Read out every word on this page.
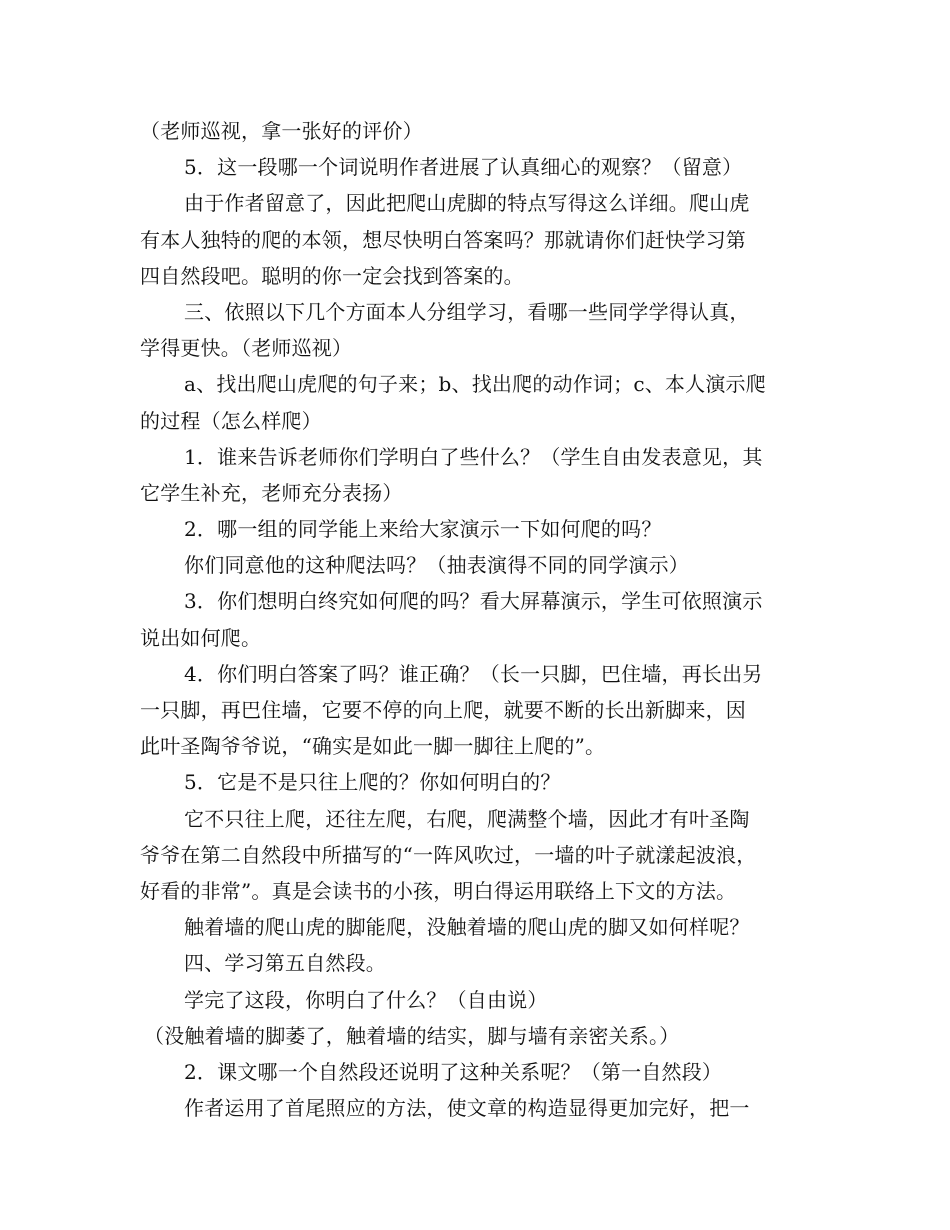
（老师巡视，拿一张好的评价）
5．这一段哪一个词说明作者进展了认真细心的观察？（留意）
由于作者留意了，因此把爬山虎脚的特点写得这么详细。爬山虎
有本人独特的爬的本领，想尽快明白答案吗？那就请你们赶快学习第
四自然段吧。聪明的你一定会找到答案的。
三、依照以下几个方面本人分组学习，看哪一些同学学得认真，
学得更快。（老师巡视）
a、找出爬山虎爬的句子来；b、找出爬的动作词；c、本人演示爬
的过程（怎么样爬）
1．谁来告诉老师你们学明白了些什么？（学生自由发表意见，其
它学生补充，老师充分表扬）
2．哪一组的同学能上来给大家演示一下如何爬的吗？
你们同意他的这种爬法吗？（抽表演得不同的同学演示）
3．你们想明白终究如何爬的吗？看大屏幕演示，学生可依照演示
说出如何爬。
4．你们明白答案了吗？谁正确？（长一只脚，巴住墙，再长出另
一只脚，再巴住墙，它要不停的向上爬，就要不断的长出新脚来，因
此叶圣陶爷爷说，“确实是如此一脚一脚往上爬的”。
5．它是不是只往上爬的？你如何明白的？
它不只往上爬，还往左爬，右爬，爬满整个墙，因此才有叶圣陶
爷爷在第二自然段中所描写的“一阵风吹过，一墙的叶子就漾起波浪，
好看的非常”。真是会读书的小孩，明白得运用联络上下文的方法。
触着墙的爬山虎的脚能爬，没触着墙的爬山虎的脚又如何样呢？
四、学习第五自然段。
学完了这段，你明白了什么？（自由说）
（没触着墙的脚萎了，触着墙的结实，脚与墙有亲密关系。）
2．课文哪一个自然段还说明了这种关系呢？（第一自然段）
作者运用了首尾照应的方法，使文章的构造显得更加完好，把一
